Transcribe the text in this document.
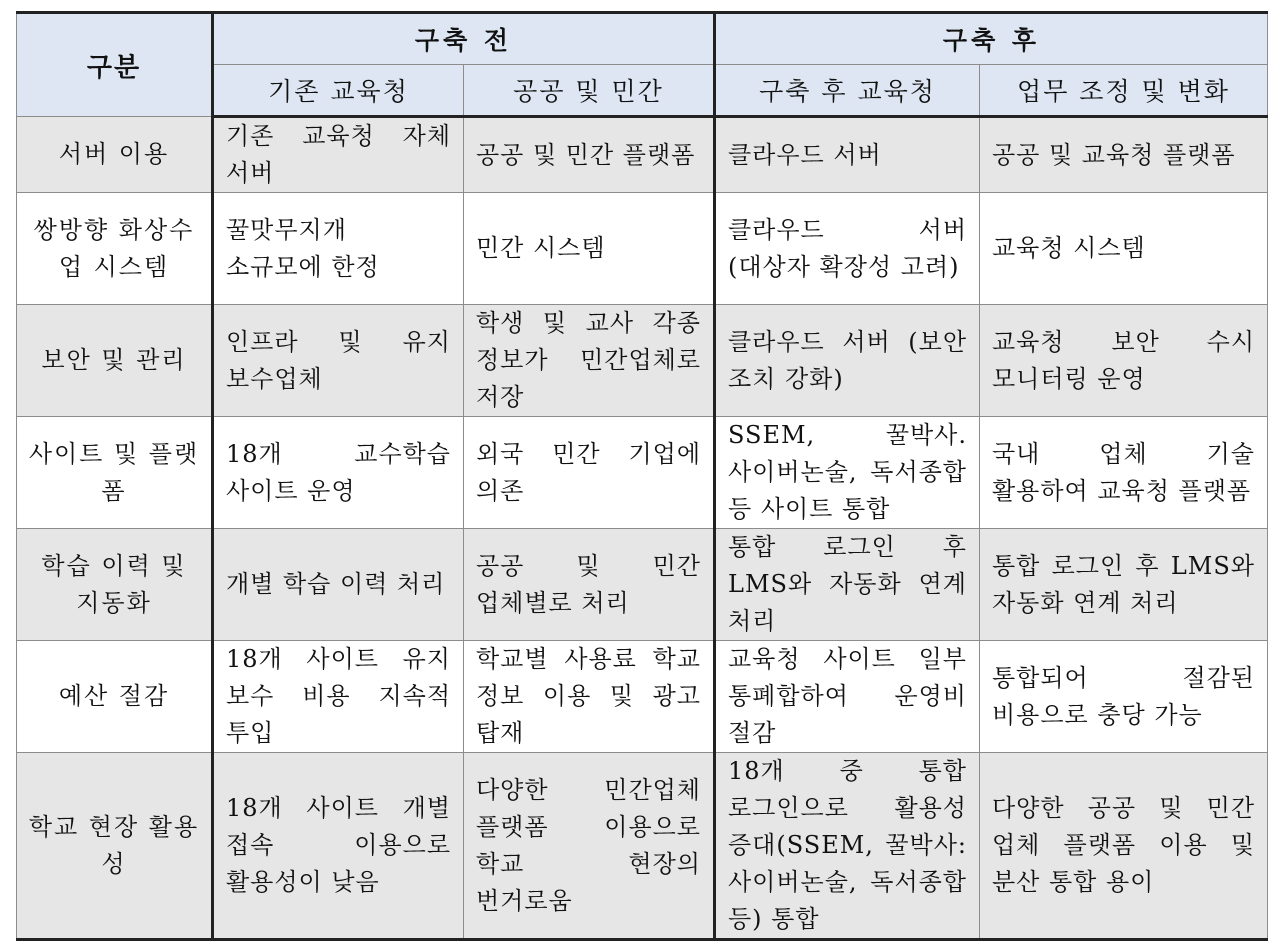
구분	구축 전		구축 후	
	기존 교육청	공공 및 민간	구축 후 교육청	업무 조정 및 변화
서버 이용	기존 교육청 자체 서버	공공 및 민간 플랫폼	클라우드 서버	공공 및 교육청 플랫폼
쌍방향 화상수업 시스템	꿀맛무지개 소규모에 한정	민간 시스템	클라우드 서버 (대상자 확장성 고려)	교육청 시스템
보안 및 관리	인프라 및 유지 보수업체	학생 및 교사 각종 정보가 민간업체로 저장	클라우드 서버 (보안 조치 강화)	교육청 보안 수시 모니터링 운영
사이트 및 플랫폼	18개 교수학습 사이트 운영	외국 민간 기업에 의존	SSEM, 꿀박사. 사이버논술, 독서종합 등 사이트 통합	국내 업체 기술 활용하여 교육청 플랫폼
학습 이력 및 지동화	개별 학습 이력 처리	공공 및 민간 업체별로 처리	통합 로그인 후 LMS와 자동화 연계 처리	통합 로그인 후 LMS와 자동화 연계 처리
예산 절감	18개 사이트 유지 보수 비용 지속적 투입	학교별 사용료 학교 정보 이용 및 광고 탑재	교육청 사이트 일부 통폐합하여 운영비 절감	통합되어 절감된 비용으로 충당 가능
학교 현장 활용성	18개 사이트 개별 접속 이용으로 활용성이 낮음	다양한 민간업체 플랫폼 이용으로 학교 현장의 번거로움	18개 중 통합 로그인으로 활용성 증대(SSEM, 꿀박사: 사이버논술, 독서종합 등) 통합	다양한 공공 및 민간 업체 플랫폼 이용 및 분산 통합 용이
